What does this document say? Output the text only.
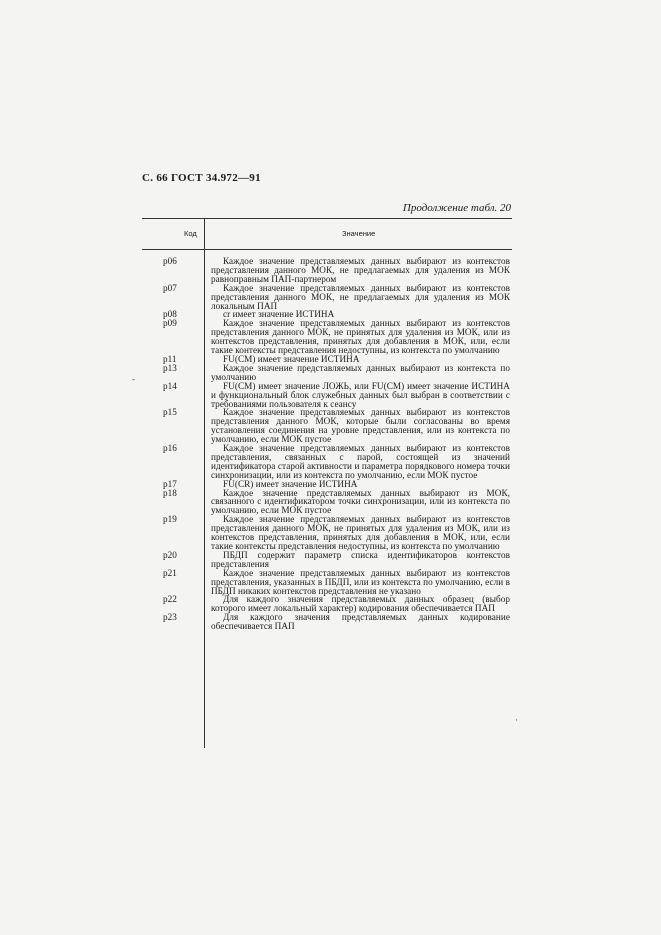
С. 66 ГОСТ 34.972—91
Продолжение табл. 20
Код	Значение
p06	Каждое значение представляемых данных выбирают из контекстов представления данного МОК, не предлагаемых для удаления из МОК равноправным ПАП-партнером
p07	Каждое значение представляемых данных выбирают из контекстов представления данного МОК, не предлагаемых для удаления из МОК локальным ПАП
p08	cr имеет значение ИСТИНА
p09	Каждое значение представляемых данных выбирают из контекстов представления данного МОК, не принятых для удаления из МОК, или из контекстов представления, принятых для добавления в МОК, или, если такие контексты представления недоступны, из контекста по умолчанию
p11	FU(CM) имеет значение ИСТИНА
p13	Каждое значение представляемых данных выбирают из контекста по умолчанию
p14	FU(CM) имеет значение ЛОЖЬ, или FU(CM) имеет значение ИСТИНА и функциональный блок служебных данных был выбран в соответствии с требованиями пользователя к сеансу
p15	Каждое значение представляемых данных выбирают из контекстов представления данного МОК, которые были согласованы во время установления соединения на уровне представления, или из контекста по умолчанию, если МОК пустое
p16	Каждое значение представляемых данных выбирают из контекстов представления, связанных с парой, состоящей из значений идентификатора старой активности и параметра порядкового номера точки синхронизации, или из контекста по умолчанию, если МОК пустое
p17	FU(CR) имеет значение ИСТИНА
p18	Каждое значение представляемых данных выбирают из МОК, связанного с идентификатором точки синхронизации, или из контекста по умолчанию, если МОК пустое
p19	Каждое значение представляемых данных выбирают из контекстов представления данного МОК, не принятых для удаления из МОК, или из контекстов представления, принятых для добавления в МОК, или, если такие контексты представления недоступны, из контекста по умолчанию
p20	ПБДП содержит параметр списка идентификаторов контекстов представления
p21	Каждое значение представляемых данных выбирают из контекстов представления, указанных в ПБДП, или из контекста по умолчанию, если в ПБДП никаких контекстов представления не указано
p22	Для каждого значения представляемых данных образец (выбор которого имеет локальный характер) кодирования обеспечивается ПАП
p23	Для каждого значения представляемых данных кодирование обеспечивается ПАП
-
·
